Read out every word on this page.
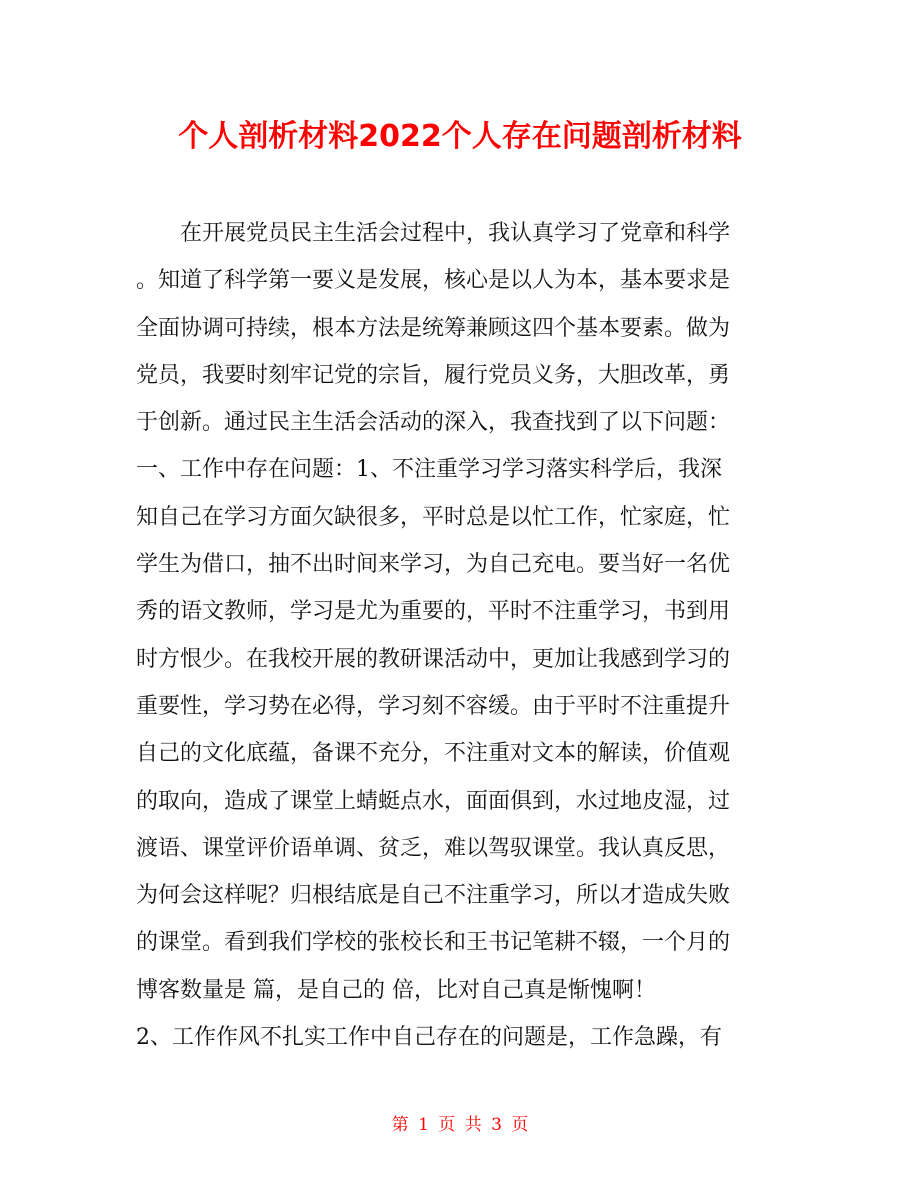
个人剖析材料2022个人存在问题剖析材料
　　在开展党员民主生活会过程中，我认真学习了党章和科学
。知道了科学第一要义是发展，核心是以人为本，基本要求是
全面协调可持续，根本方法是统筹兼顾这四个基本要素。做为
党员，我要时刻牢记党的宗旨，履行党员义务，大胆改革，勇
于创新。通过民主生活会活动的深入，我查找到了以下问题：
一、工作中存在问题：1、不注重学习学习落实科学后，我深
知自己在学习方面欠缺很多，平时总是以忙工作，忙家庭，忙
学生为借口，抽不出时间来学习，为自己充电。要当好一名优
秀的语文教师，学习是尤为重要的，平时不注重学习，书到用
时方恨少。在我校开展的教研课活动中，更加让我感到学习的
重要性，学习势在必得，学习刻不容缓。由于平时不注重提升
自己的文化底蕴，备课不充分，不注重对文本的解读，价值观
的取向，造成了课堂上蜻蜓点水，面面俱到，水过地皮湿，过
渡语、课堂评价语单调、贫乏，难以驾驭课堂。我认真反思，
为何会这样呢？归根结底是自己不注重学习，所以才造成失败
的课堂。看到我们学校的张校长和王书记笔耕不辍，一个月的
博客数量是 篇，是自己的 倍，比对自己真是惭愧啊！
2、工作作风不扎实工作中自己存在的问题是，工作急躁，有
第 1 页 共 3 页
